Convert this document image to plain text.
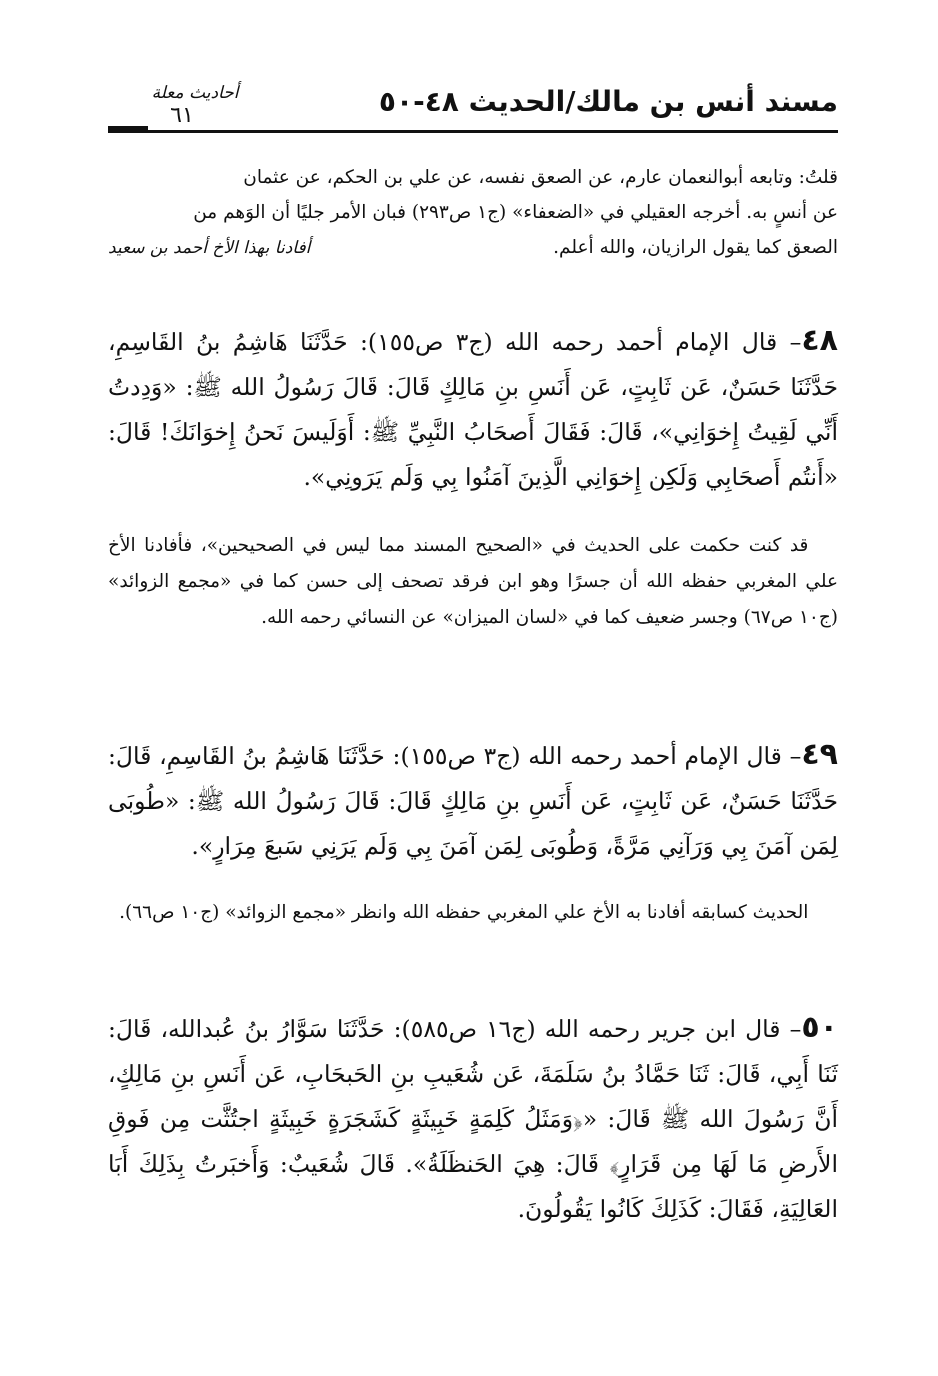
مسند أنس بن مالك/الحديث ٤٨-٥٠
أحاديث معلة
٦١

قلتُ: وتابعه أبوالنعمان عارم، عن الصعق نفسه، عن علي بن الحكم، عن عثمان

عن أنسٍ به. أخرجه العقيلي في «الضعفاء» (ج١ ص٢٩٣) فبان الأمر جليًا أن الوَهم من

الصعق كما يقول الرازيان، والله أعلم.
أفادنا بهذا الأخ أحمد بن سعيد

٤٨– قال الإمام أحمد رحمه الله (ج٣ ص١٥٥): حَدَّثَنَا هَاشِمُ بنُ القَاسِمِ، حَدَّثَنَا حَسَنٌ، عَن ثَابِتٍ، عَن أَنَسِ بنِ مَالِكٍ قَالَ: قَالَ رَسُولُ الله ﷺ: «وَدِدتُ أَنِّي لَقِيتُ إِخوَانِي»، قَالَ: فَقَالَ أَصحَابُ النَّبِيِّ ﷺ: أَوَلَيسَ نَحنُ إِخوَانَكَ! قَالَ: «أَنتُم أَصحَابِي وَلَكِن إِخوَانِي الَّذِينَ آمَنُوا بِي وَلَم يَرَونِي».

قد كنت حكمت على الحديث في «الصحيح المسند مما ليس في الصحيحين»، فأفادنا الأخ علي المغربي حفظه الله أن جسرًا وهو ابن فرقد تصحف إلى حسن كما في «مجمع الزوائد» (ج١٠ ص٦٧) وجسر ضعيف كما في «لسان الميزان» عن النسائي رحمه الله.

٤٩– قال الإمام أحمد رحمه الله (ج٣ ص١٥٥): حَدَّثَنَا هَاشِمُ بنُ القَاسِمِ، قَالَ: حَدَّثَنَا حَسَنٌ، عَن ثَابِتٍ، عَن أَنَسِ بنِ مَالِكٍ قَالَ: قَالَ رَسُولُ الله ﷺ: «طُوبَى لِمَن آمَنَ بِي وَرَآنِي مَرَّةً، وَطُوبَى لِمَن آمَنَ بِي وَلَم يَرَنِي سَبعَ مِرَارٍ».

الحديث كسابقه أفادنا به الأخ علي المغربي حفظه الله وانظر «مجمع الزوائد» (ج١٠ ص٦٦).

٥٠– قال ابن جرير رحمه الله (ج١٦ ص٥٨٥): حَدَّثَنَا سَوَّارُ بنُ عُبدالله، قَالَ: ثَنَا أَبِي، قَالَ: ثَنَا حَمَّادُ بنُ سَلَمَةَ، عَن شُعَيبِ بنِ الحَبحَابِ، عَن أَنَسِ بنِ مَالِكٍ، أَنَّ رَسُولَ الله ﷺ قَالَ: «﴿وَمَثَلُ كَلِمَةٍ خَبِيثَةٍ كَشَجَرَةٍ خَبِيثَةٍ اجتُثَّت مِن فَوقِ الأَرضِ مَا لَهَا مِن قَرَارٍ﴾ قَالَ: هِيَ الحَنظَلَةُ». قَالَ شُعَيبٌ: وَأَخبَرتُ بِذَلِكَ أَبَا العَالِيَةِ، فَقَالَ: كَذَلِكَ كَانُوا يَقُولُونَ.
